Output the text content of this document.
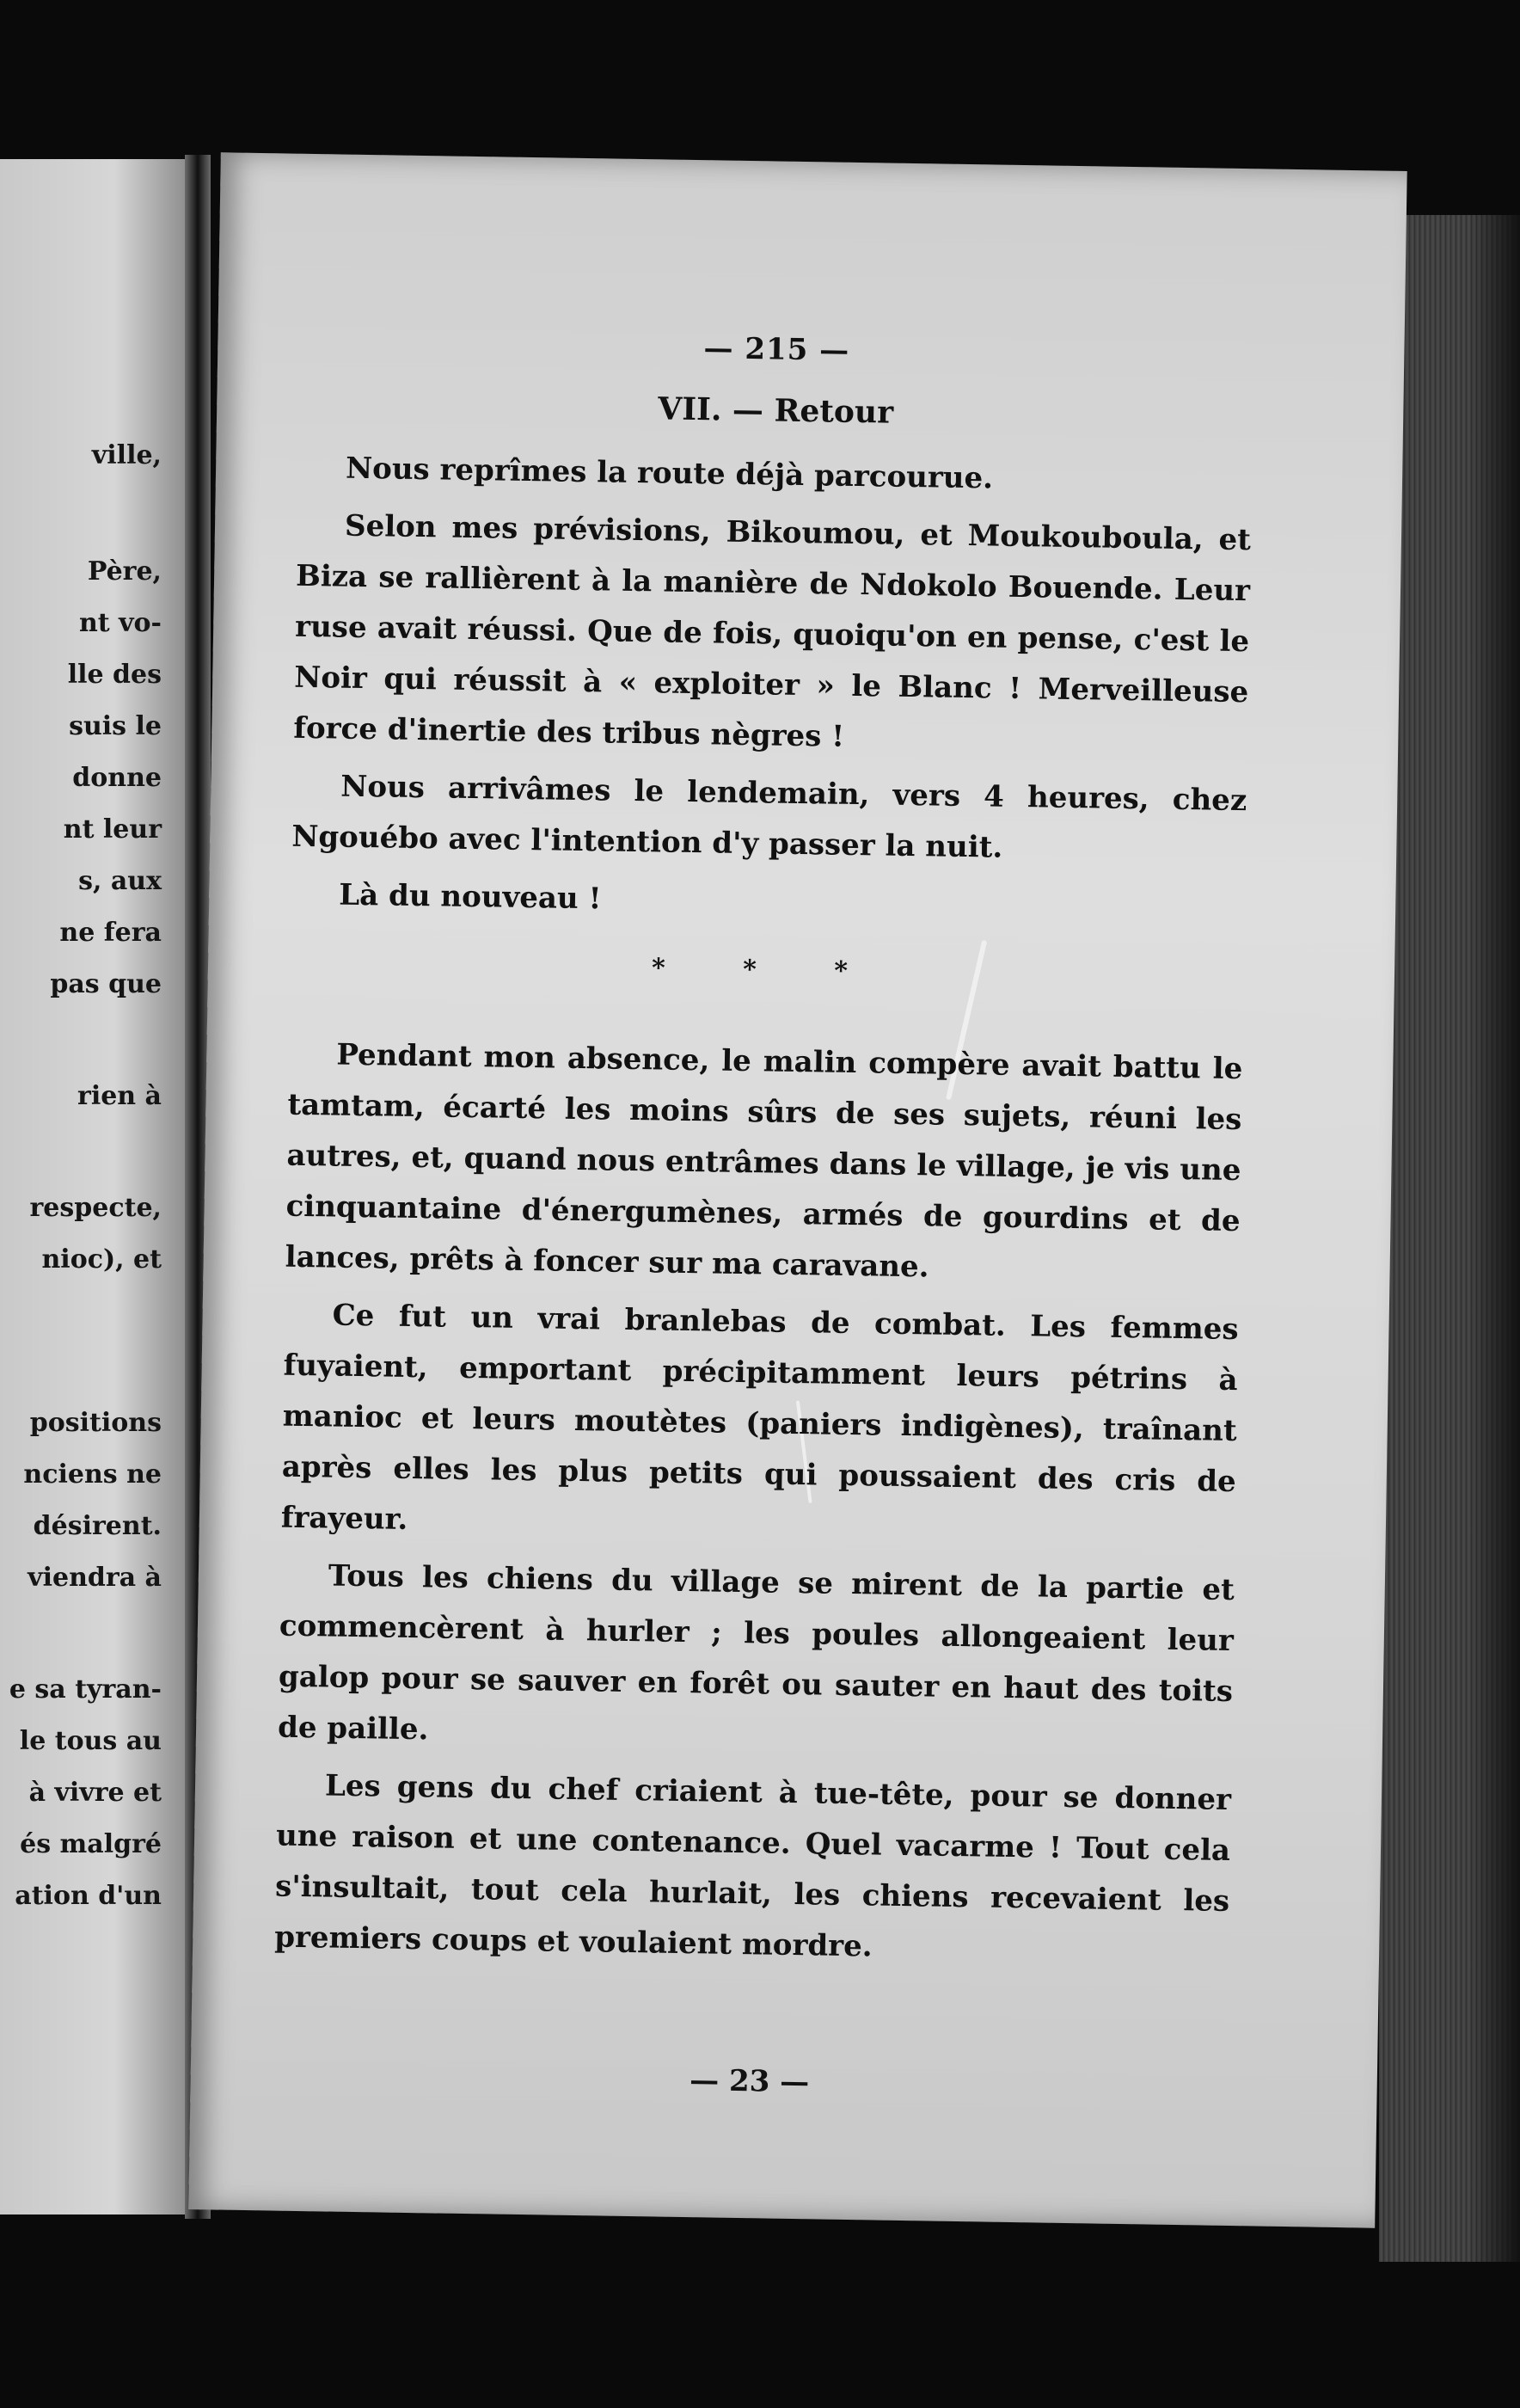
ville,
Père,
nt vo-
lle des
suis le
donne
nt leur
s, aux
ne fera
pas que
rien à
respecte,
nioc), et
positions
nciens ne
désirent.
viendra à
e sa tyran-
le tous au
à vivre et
és malgré
ation d'un
— 215 —
VII. — Retour

Nous reprîmes la route déjà parcourue.

Selon mes prévisions, Bikoumou, et Moukouboula, et Biza se rallièrent à la manière de Ndokolo Bouende. Leur ruse avait réussi. Que de fois, quoiqu'on en pense, c'est le Noir qui réussit à « exploiter » le Blanc ! Merveilleuse force d'inertie des tribus nègres !

Nous arrivâmes le lendemain, vers 4 heures, chez Ngouébo avec l'intention d'y passer la nuit.

Là du nouveau !

* * *

Pendant mon absence, le malin compère avait battu le tamtam, écarté les moins sûrs de ses sujets, réuni les autres, et, quand nous entrâmes dans le village, je vis une cinquantaine d'énergumènes, armés de gourdins et de lances, prêts à foncer sur ma caravane.

Ce fut un vrai branlebas de combat. Les femmes fuyaient, emportant précipitamment leurs pétrins à manioc et leurs moutètes (paniers indigènes), traînant après elles les plus petits qui poussaient des cris de frayeur.

Tous les chiens du village se mirent de la partie et commencèrent à hurler ; les poules allongeaient leur galop pour se sauver en forêt ou sauter en haut des toits de paille.

Les gens du chef criaient à tue-tête, pour se donner une raison et une contenance. Quel vacarme ! Tout cela s'insultait, tout cela hurlait, les chiens recevaient les premiers coups et voulaient mordre.

— 23 —
